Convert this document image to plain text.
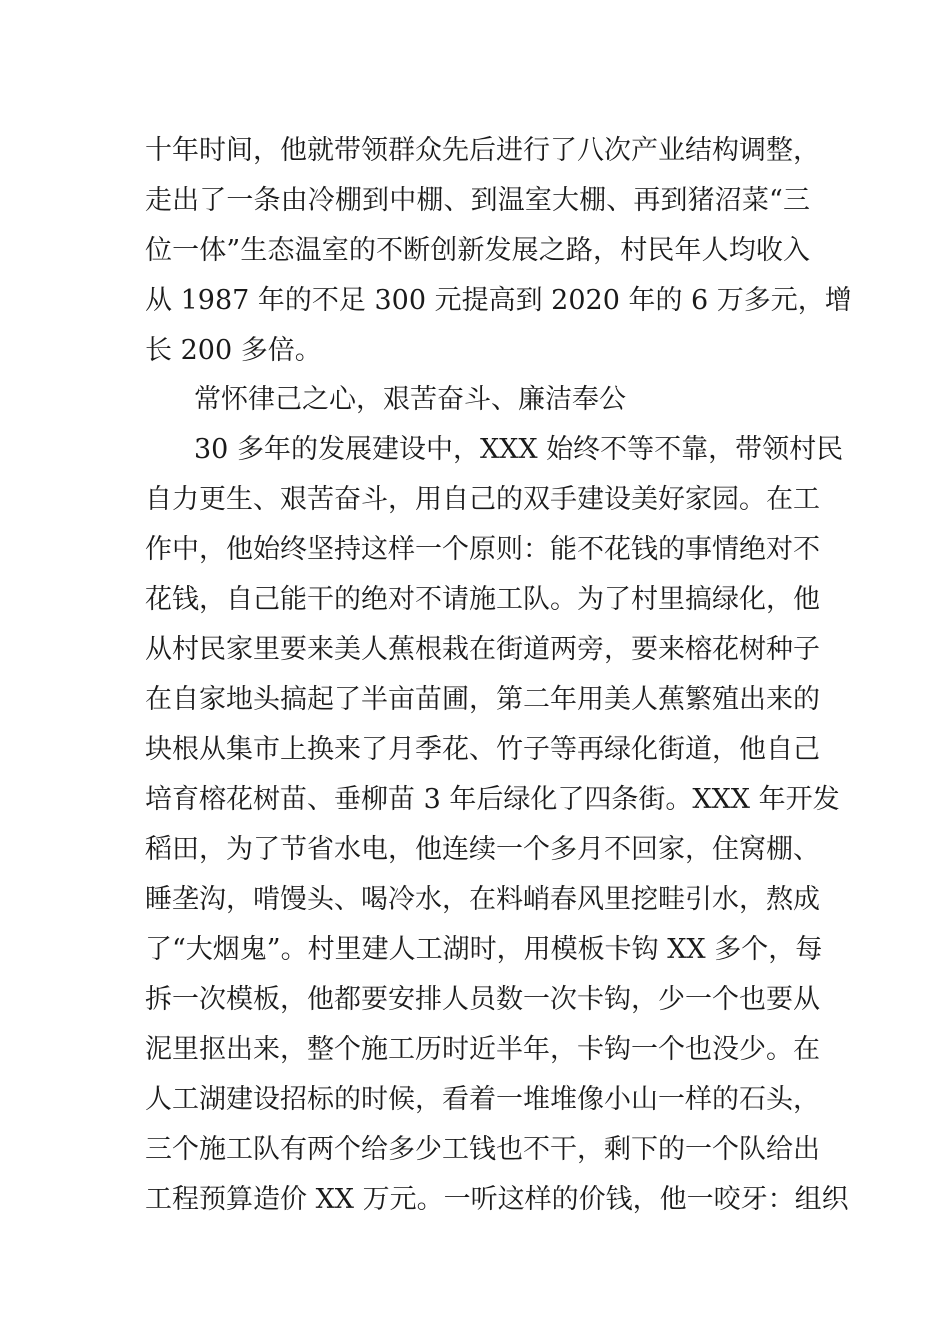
十年时间，他就带领群众先后进行了八次产业结构调整，
走出了一条由冷棚到中棚、到温室大棚、再到猪沼菜“三
位一体”生态温室的不断创新发展之路，村民年人均收入
从 1987 年的不足 300 元提高到 2020 年的 6 万多元，增
长 200 多倍。
常怀律己之心，艰苦奋斗、廉洁奉公
30 多年的发展建设中，XXX 始终不等不靠，带领村民
自力更生、艰苦奋斗，用自己的双手建设美好家园。在工
作中，他始终坚持这样一个原则：能不花钱的事情绝对不
花钱，自己能干的绝对不请施工队。为了村里搞绿化，他
从村民家里要来美人蕉根栽在街道两旁，要来榕花树种子
在自家地头搞起了半亩苗圃，第二年用美人蕉繁殖出来的
块根从集市上换来了月季花、竹子等再绿化街道，他自己
培育榕花树苗、垂柳苗 3 年后绿化了四条街。XXX 年开发
稻田，为了节省水电，他连续一个多月不回家，住窝棚、
睡垄沟，啃馒头、喝冷水，在料峭春风里挖畦引水，熬成
了“大烟鬼”。村里建人工湖时，用模板卡钩 XX 多个，每
拆一次模板，他都要安排人员数一次卡钩，少一个也要从
泥里抠出来，整个施工历时近半年，卡钩一个也没少。在
人工湖建设招标的时候，看着一堆堆像小山一样的石头，
三个施工队有两个给多少工钱也不干，剩下的一个队给出
工程预算造价 XX 万元。一听这样的价钱，他一咬牙：组织
